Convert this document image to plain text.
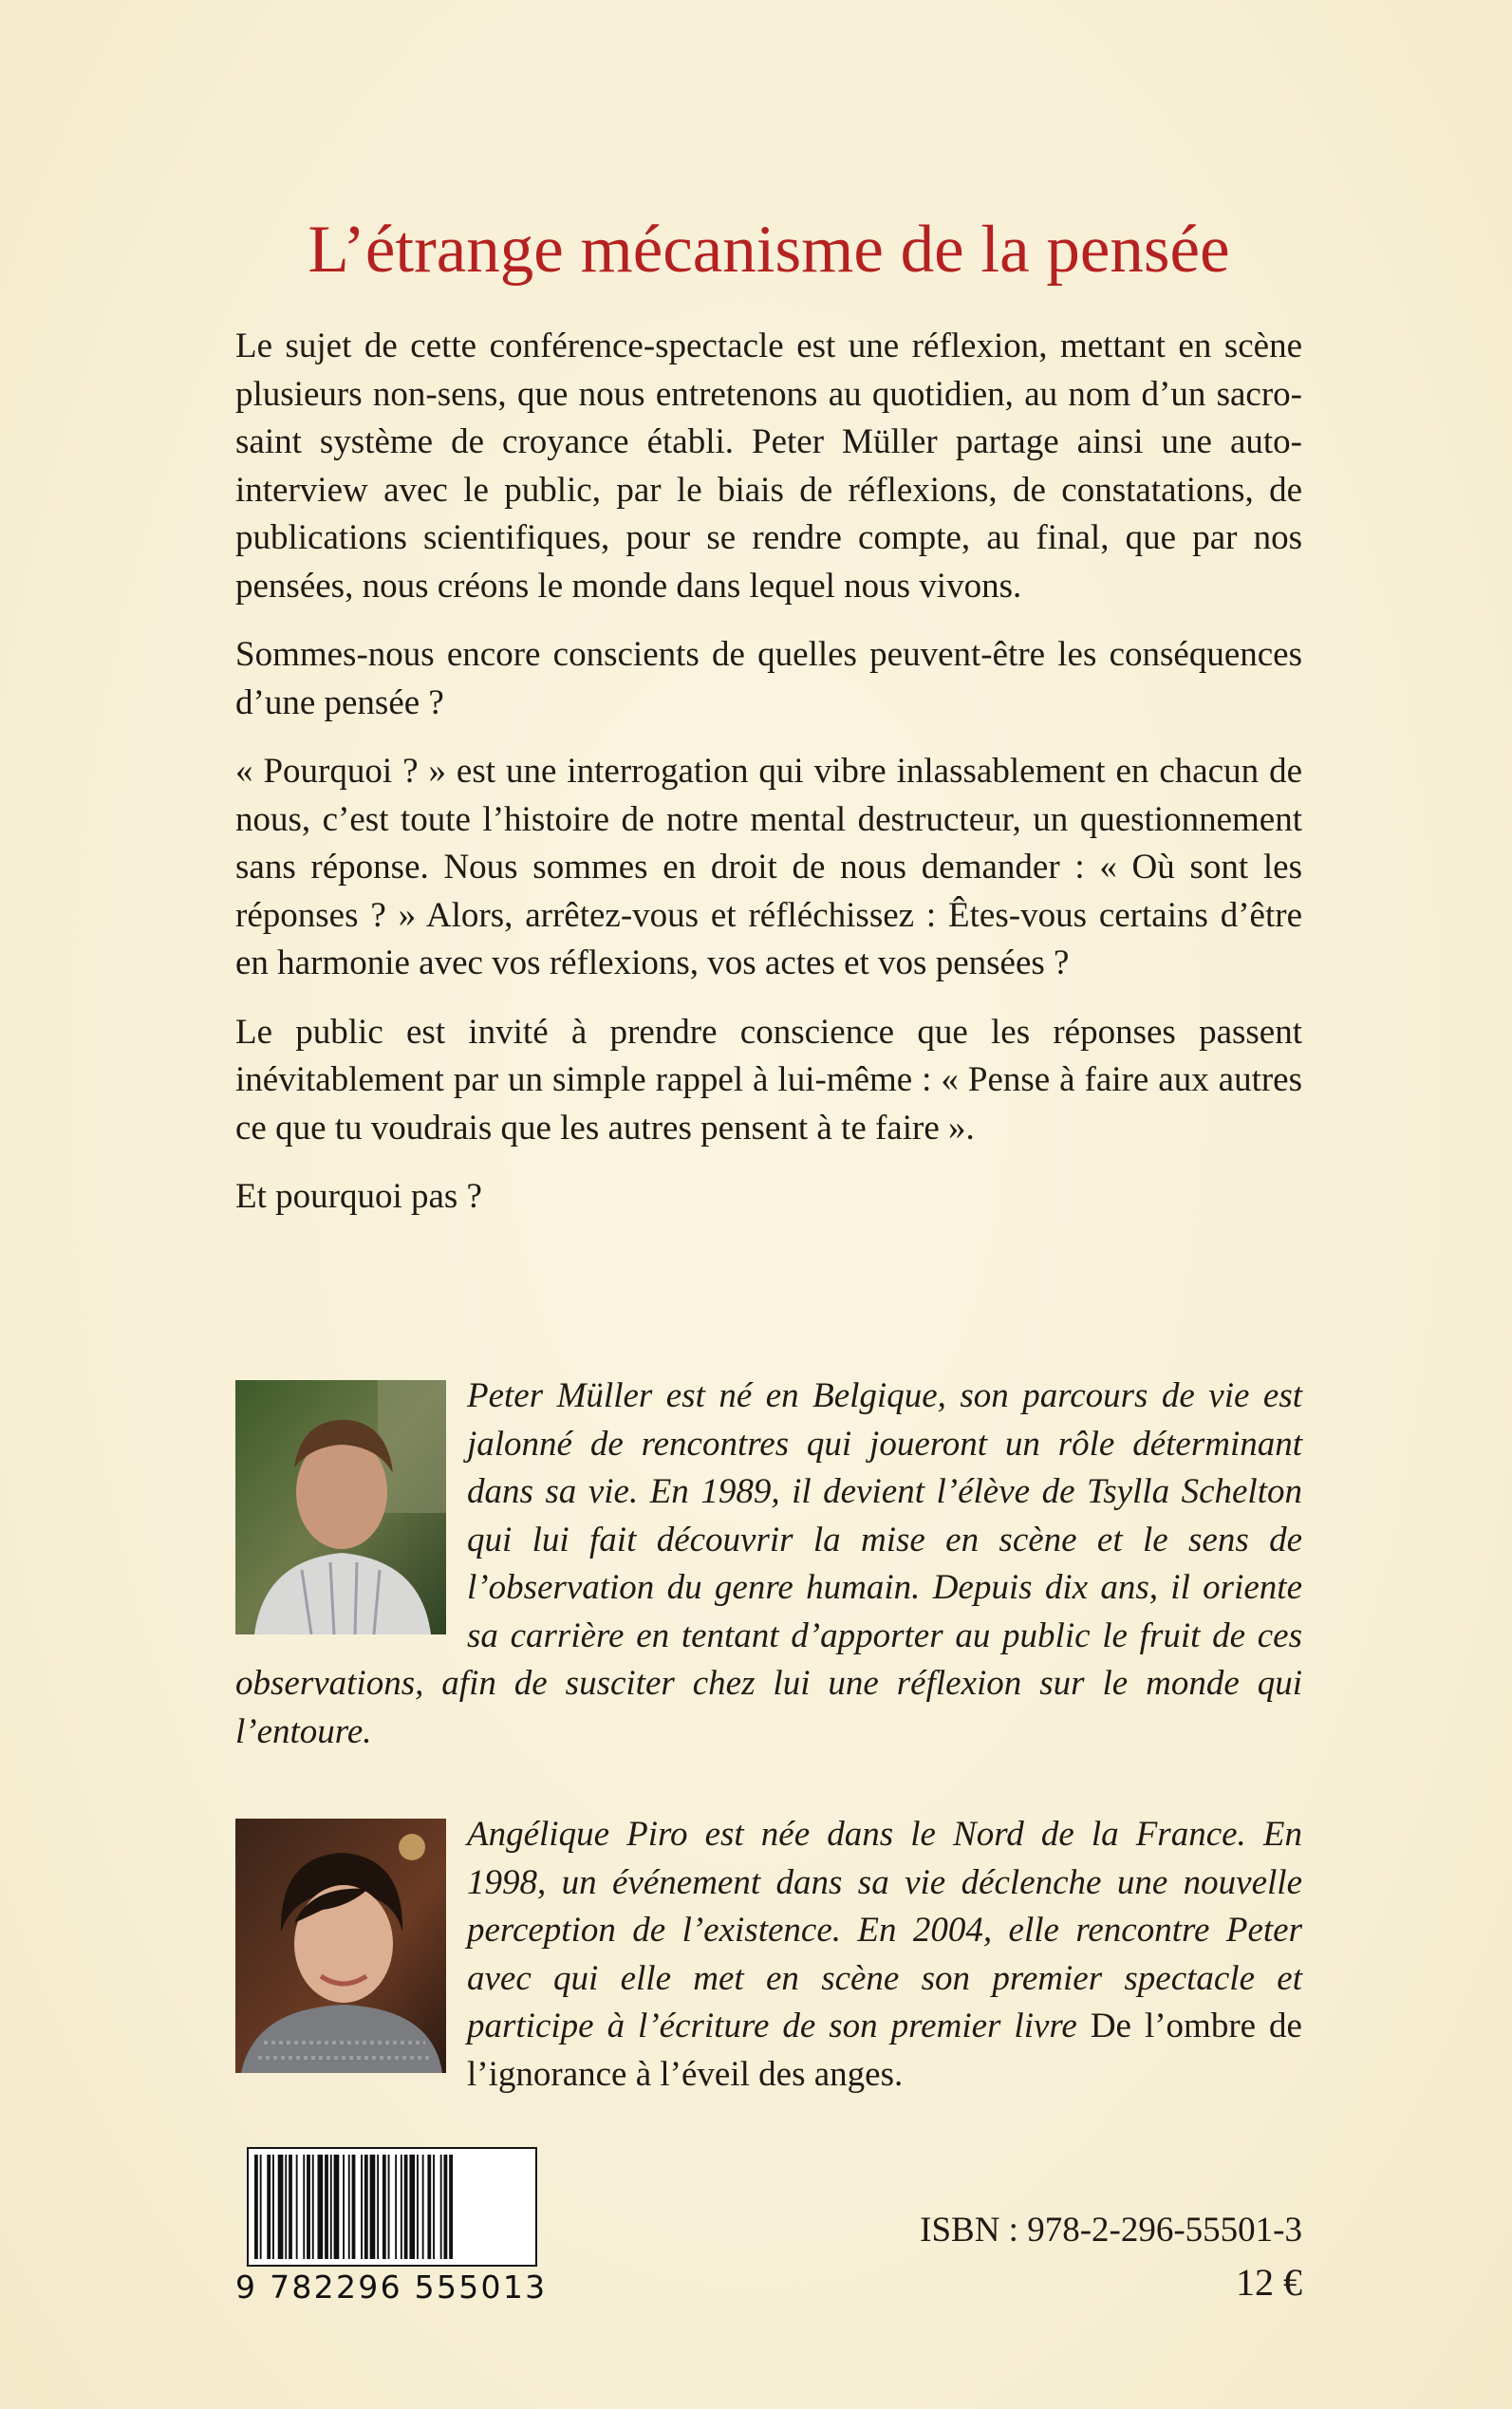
L’étrange mécanisme de la pensée

Le sujet de cette conférence-spectacle est une réflexion, mettant en scène plusieurs non-sens, que nous entretenons au quotidien, au nom d’un sacro-saint système de croyance établi. Peter Müller partage ainsi une auto-interview avec le public, par le biais de réflexions, de constatations, de publications scientifiques, pour se rendre compte, au final, que par nos pensées, nous créons le monde dans lequel nous vivons.

Sommes-nous encore conscients de quelles peuvent-être les conséquences d’une pensée ?

« Pourquoi ? » est une interrogation qui vibre inlassablement en chacun de nous, c’est toute l’histoire de notre mental destructeur, un questionnement sans réponse. Nous sommes en droit de nous demander : « Où sont les réponses ? » Alors, arrêtez-vous et réfléchissez : Êtes-vous certains d’être en harmonie avec vos réflexions, vos actes et vos pensées ?

Le public est invité à prendre conscience que les réponses passent inévitablement par un simple rappel à lui-même : « Pense à faire aux autres ce que tu voudrais que les autres pensent à te faire ».

Et pourquoi pas ?

Peter Müller est né en Belgique, son parcours de vie est jalonné de rencontres qui joueront un rôle déterminant dans sa vie. En 1989, il devient l’élève de Tsylla Schelton qui lui fait découvrir la mise en scène et le sens de l’observation du genre humain. Depuis dix ans, il oriente sa carrière en tentant d’apporter au public le fruit de ces observations, afin de susciter chez lui une réflexion sur le monde qui l’entoure.

Angélique Piro est née dans le Nord de la France. En 1998, un événement dans sa vie déclenche une nouvelle perception de l’existence. En 2004, elle rencontre Peter avec qui elle met en scène son premier spectacle et participe à l’écriture de son premier livre De l’ombre de l’ignorance à l’éveil des anges.

9 782296 555013
ISBN : 978-2-296-55501-3
12 €
